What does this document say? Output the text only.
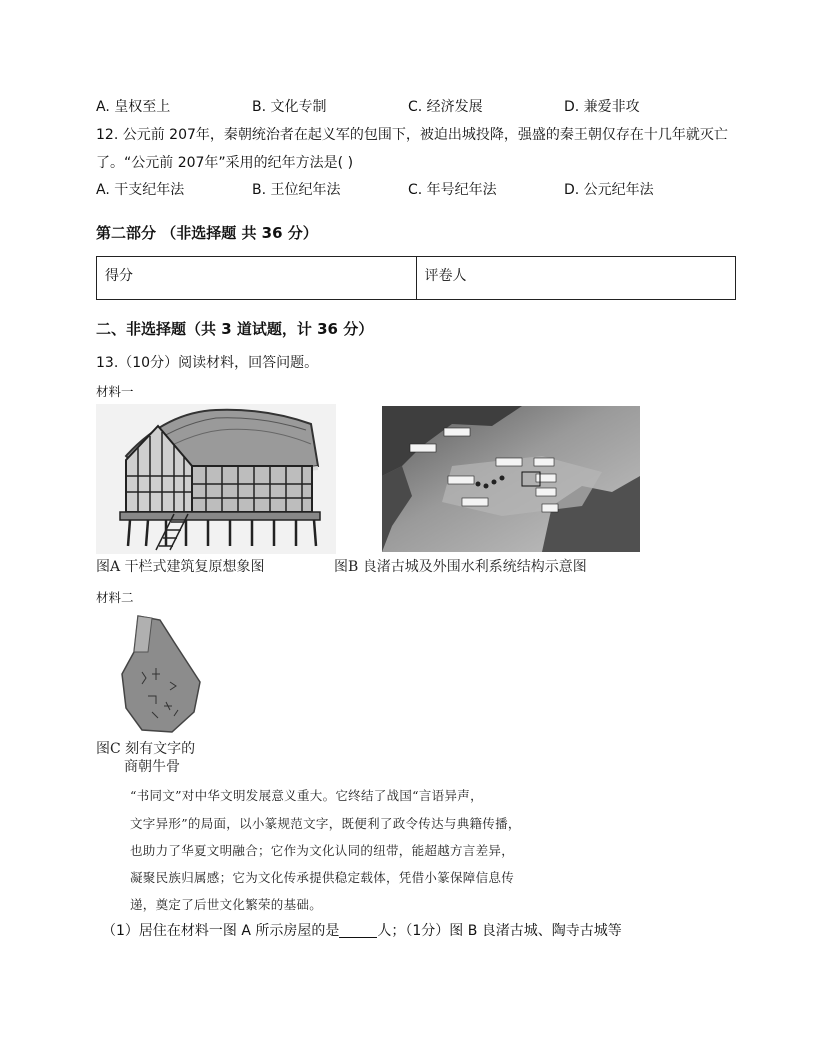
A. 皇权至上	B. 文化专制	C. 经济发展	D. 兼爱非攻
12. 公元前 207年，秦朝统治者在起义军的包围下，被迫出城投降，强盛的秦王朝仅存在十几年就灭亡
了。“公元前 207年”采用的纪年方法是( )
A. 干支纪年法	B. 王位纪年法	C. 年号纪年法	D. 公元纪年法
第二部分 （非选择题 共 36 分）
得分	评卷人
二、非选择题（共 3 道试题，计 36 分）
13.（10分）阅读材料，回答问题。
材料一
图A 干栏式建筑复原想象图	图B 良渚古城及外围水利系统结构示意图
材料二
图C 刻有文字的
商朝牛骨
“书同文”对中华文明发展意义重大。它终结了战国“言语异声，
文字异形”的局面，以小篆规范文字，既便利了政令传达与典籍传播，
也助力了华夏文明融合；它作为文化认同的纽带，能超越方言差异，
凝聚民族归属感；它为文化传承提供稳定载体，凭借小篆保障信息传
递，奠定了后世文化繁荣的基础。
（1）居住在材料一图 A 所示房屋的是	人；（1分）图 B 良渚古城、陶寺古城等
